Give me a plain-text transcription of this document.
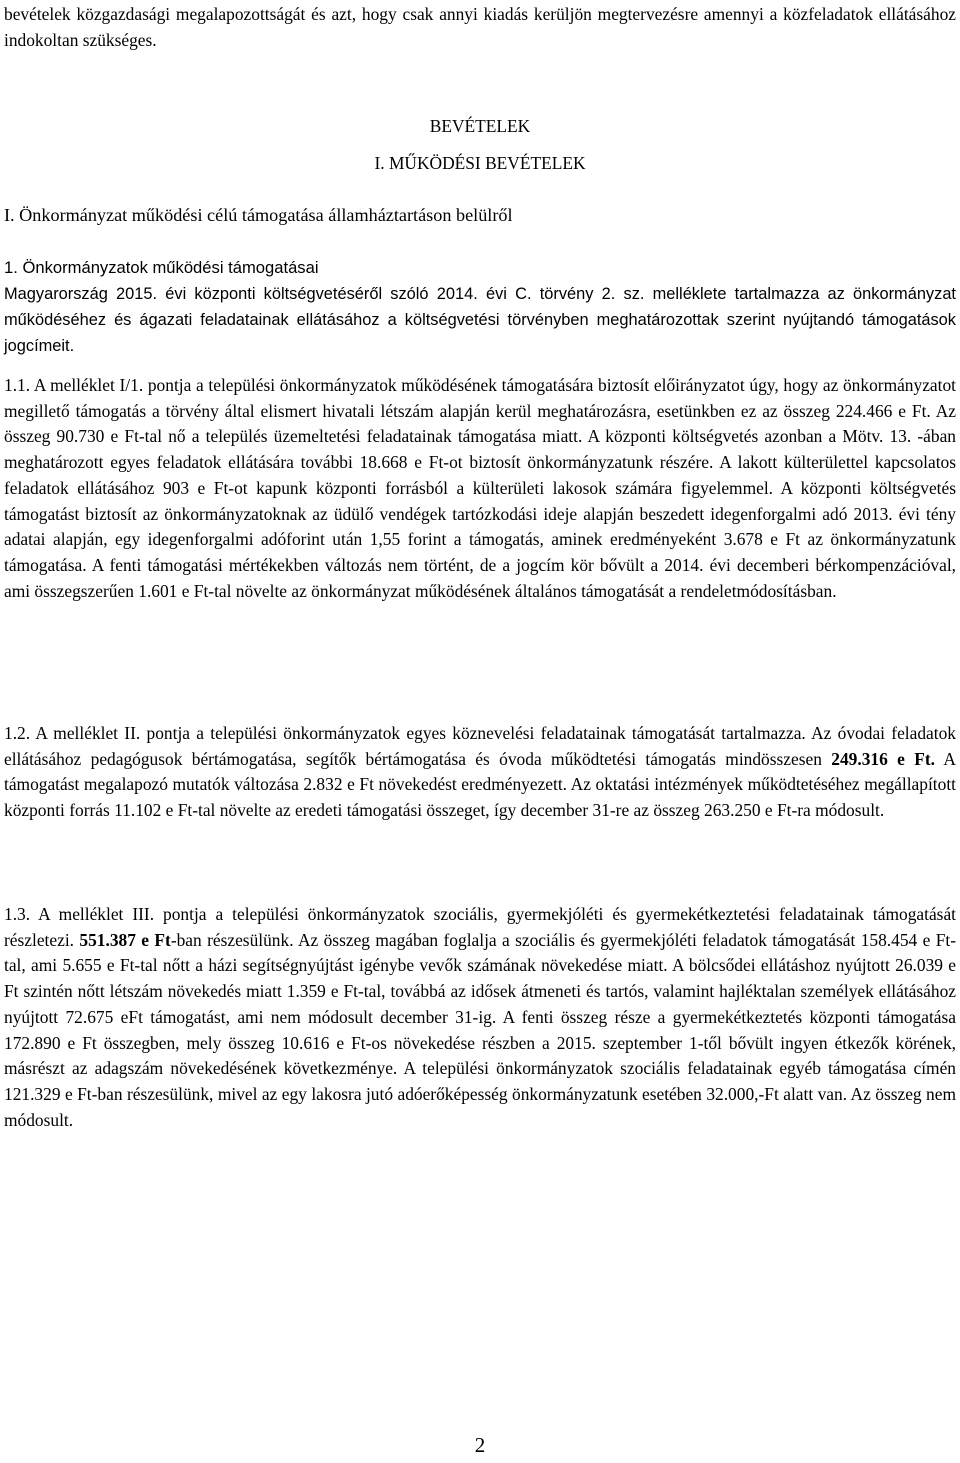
bevételek közgazdasági megalapozottságát és azt, hogy csak annyi kiadás kerüljön megtervezésre amennyi a közfeladatok ellátásához indokoltan szükséges.

BEVÉTELEK

I. MŰKÖDÉSI BEVÉTELEK

I. Önkormányzat működési célú támogatása államháztartáson belülről

1. Önkormányzatok működési támogatásai

Magyarország 2015. évi központi költségvetéséről szóló 2014. évi C. törvény 2. sz. melléklete tartalmazza az önkormányzat működéséhez és ágazati feladatainak ellátásához a költségvetési törvényben meghatározottak szerint nyújtandó támogatások jogcímeit.

1.1. A melléklet I/1. pontja a települési önkormányzatok működésének támogatására biztosít előirányzatot úgy, hogy az önkormányzatot megillető támogatás a törvény által elismert hivatali létszám alapján kerül meghatározásra, esetünkben ez az összeg 224.466 e Ft. Az összeg 90.730 e Ft-tal nő a település üzemeltetési feladatainak támogatása miatt. A központi költségvetés azonban a Mötv. 13. -ában meghatározott egyes feladatok ellátására további 18.668 e Ft-ot biztosít önkormányzatunk részére. A lakott külterülettel kapcsolatos feladatok ellátásához 903 e Ft-ot kapunk központi forrásból a külterületi lakosok számára figyelemmel. A központi költségvetés támogatást biztosít az önkormányzatoknak az üdülő vendégek tartózkodási ideje alapján beszedett idegenforgalmi adó 2013. évi tény adatai alapján, egy idegenforgalmi adóforint után 1,55 forint a támogatás, aminek eredményeként 3.678 e Ft az önkormányzatunk támogatása. A fenti támogatási mértékekben változás nem történt, de a jogcím kör bővült a 2014. évi decemberi bérkompenzációval, ami összegszerűen 1.601 e Ft-tal növelte az önkormányzat működésének általános támogatását a rendeletmódosításban.

1.2. A melléklet II. pontja a települési önkormányzatok egyes köznevelési feladatainak támogatását tartalmazza. Az óvodai feladatok ellátásához pedagógusok bértámogatása, segítők bértámogatása és óvoda működtetési támogatás mindösszesen 249.316 e Ft. A támogatást megalapozó mutatók változása 2.832 e Ft növekedést eredményezett. Az oktatási intézmények működtetéséhez megállapított központi forrás 11.102 e Ft-tal növelte az eredeti támogatási összeget, így december 31-re az összeg 263.250 e Ft-ra módosult.

1.3. A melléklet III. pontja a települési önkormányzatok szociális, gyermekjóléti és gyermekétkeztetési feladatainak támogatását részletezi. 551.387 e Ft-ban részesülünk. Az összeg magában foglalja a szociális és gyermekjóléti feladatok támogatását 158.454 e Ft-tal, ami 5.655 e Ft-tal nőtt a házi segítségnyújtást igénybe vevők számának növekedése miatt. A bölcsődei ellátáshoz nyújtott 26.039 e Ft szintén nőtt létszám növekedés miatt 1.359 e Ft-tal, továbbá az idősek átmeneti és tartós, valamint hajléktalan személyek ellátásához nyújtott 72.675 eFt támogatást, ami nem módosult december 31-ig. A fenti összeg része a gyermekétkeztetés központi támogatása 172.890 e Ft összegben, mely összeg 10.616 e Ft-os növekedése részben a 2015. szeptember 1-től bővült ingyen étkezők körének, másrészt az adagszám növekedésének következménye. A települési önkormányzatok szociális feladatainak egyéb támogatása címén 121.329 e Ft-ban részesülünk, mivel az egy lakosra jutó adóerőképesség önkormányzatunk esetében 32.000,-Ft alatt van. Az összeg nem módosult.

2
